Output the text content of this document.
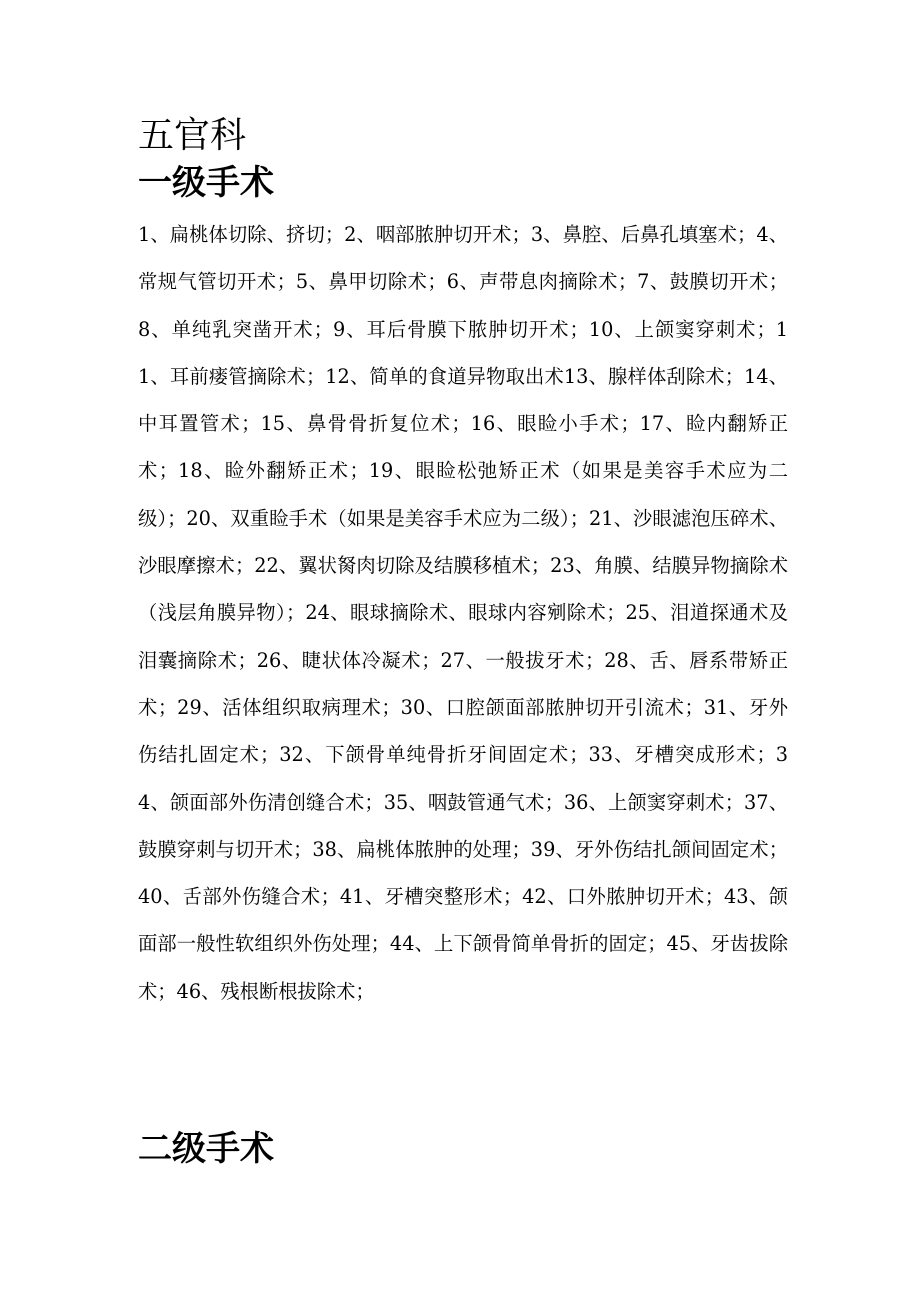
五官科
一级手术

1、扁桃体切除、挤切；2、咽部脓肿切开术；3、鼻腔、后鼻孔填塞术；4、常规气管切开术；5、鼻甲切除术；6、声带息肉摘除术；7、鼓膜切开术；8、单纯乳突凿开术；9、耳后骨膜下脓肿切开术；10、上颌窦穿刺术；11、耳前瘘管摘除术；12、简单的食道异物取出术13、腺样体刮除术；14、中耳置管术；15、鼻骨骨折复位术；16、眼睑小手术；17、睑内翻矫正术；18、睑外翻矫正术；19、眼睑松弛矫正术（如果是美容手术应为二级）；20、双重睑手术（如果是美容手术应为二级）；21、沙眼滤泡压碎术、沙眼摩擦术；22、翼状胬肉切除及结膜移植术；23、角膜、结膜异物摘除术（浅层角膜异物）；24、眼球摘除术、眼球内容剜除术；25、泪道探通术及泪囊摘除术；26、睫状体冷凝术；27、一般拔牙术；28、舌、唇系带矫正术；29、活体组织取病理术；30、口腔颌面部脓肿切开引流术；31、牙外伤结扎固定术；32、下颌骨单纯骨折牙间固定术；33、牙槽突成形术；34、颌面部外伤清创缝合术；35、咽鼓管通气术；36、上颌窦穿刺术；37、鼓膜穿刺与切开术；38、扁桃体脓肿的处理；39、牙外伤结扎颌间固定术；40、舌部外伤缝合术；41、牙槽突整形术；42、口外脓肿切开术；43、颌面部一般性软组织外伤处理；44、上下颌骨简单骨折的固定；45、牙齿拔除术；46、残根断根拔除术；

二级手术
